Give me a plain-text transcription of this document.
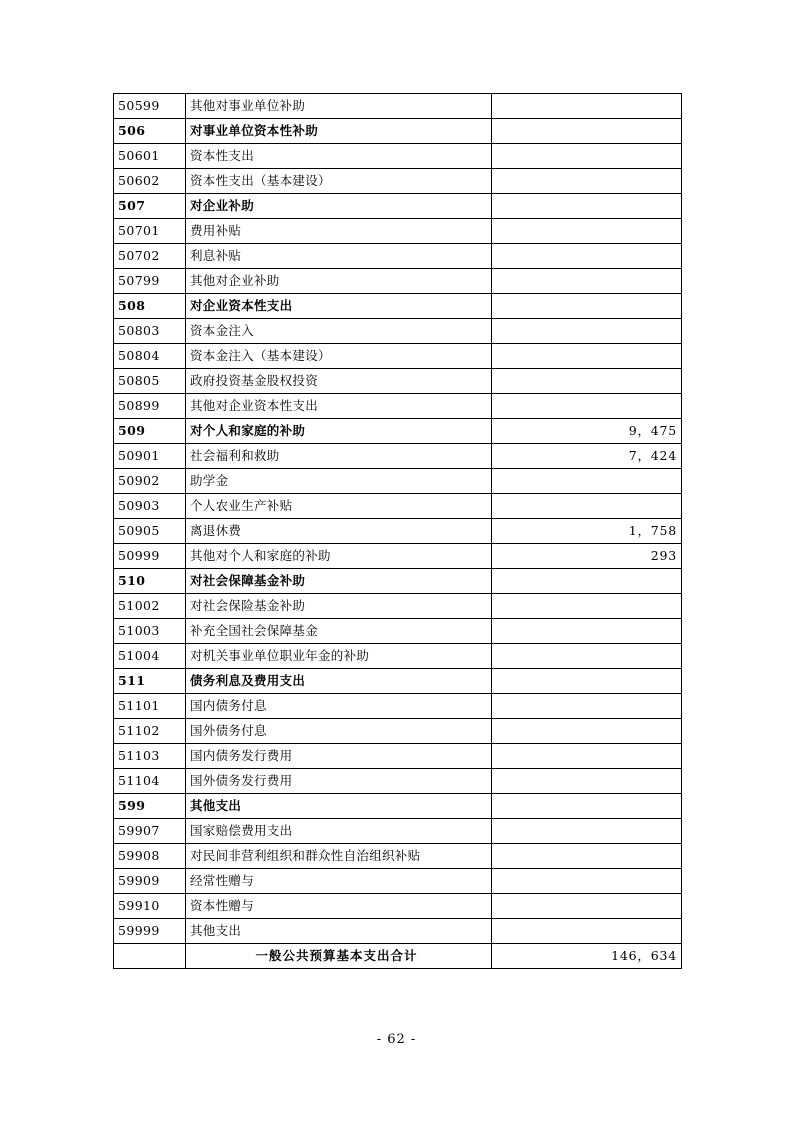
50599	其他对事业单位补助	
506	对事业单位资本性补助	
50601	资本性支出	
50602	资本性支出（基本建设）	
507	对企业补助	
50701	费用补贴	
50702	利息补贴	
50799	其他对企业补助	
508	对企业资本性支出	
50803	资本金注入	
50804	资本金注入（基本建设）	
50805	政府投资基金股权投资	
50899	其他对企业资本性支出	
509	对个人和家庭的补助	9，475
50901	社会福利和救助	7，424
50902	助学金	
50903	个人农业生产补贴	
50905	离退休费	1，758
50999	其他对个人和家庭的补助	293
510	对社会保障基金补助	
51002	对社会保险基金补助	
51003	补充全国社会保障基金	
51004	对机关事业单位职业年金的补助	
511	债务利息及费用支出	
51101	国内债务付息	
51102	国外债务付息	
51103	国内债务发行费用	
51104	国外债务发行费用	
599	其他支出	
59907	国家赔偿费用支出	
59908	对民间非营利组织和群众性自治组织补贴	
59909	经常性赠与	
59910	资本性赠与	
59999	其他支出	
	一般公共预算基本支出合计	146，634
- 62 -
